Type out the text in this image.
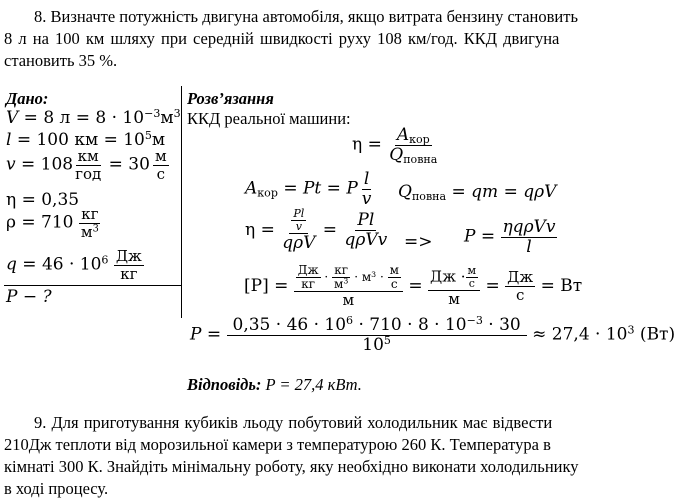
8. Визначте потужність двигуна автомобіля, якщо витрата бензину становить
8 л на 100 км шляху при середній швидкості руху 108 км/год. ККД двигуна
становить 35 %.
Дано:
V = 8 $л = 8 \cdot 10^{-3}м^3$
l = 100 км = $10^5м$
$v = 108 \frac{км}{\text{год}} = 30 \frac{м}{с}$
η = 0,35
$\rho = 710 \frac{кг}{м^3}$
$q = 46 \cdot 10^6 \frac{Дж}{кг}$
P − ?
Розв’язання
ККД реальної машини:
$\eta = \frac{A_{кор}}{Q_{повна}}$
$A_{кор} = Pt = P \frac{l}{v} Q_{повна}$ = qm = qρV
$\eta = \frac{\frac{Pl}{v}}{\text{qρV}} = \frac{Pl}{\text{qρVv}} => P = \frac{\text{ηqρVv}}{l}$
$[P] = \frac{\frac{Дж}{кг} \cdot \frac{кг}{м^3} \cdot м^3 \cdot \frac{м}{с}}{м} = \frac{Дж \cdot \frac{м}{с}}{м} = \frac{Дж}{с}$ = Вт
$P = \frac{0,35 \cdot 46 \cdot 10^6 \cdot 710 \cdot 8 \cdot 10^{-3} \cdot 30}{10^5} \approx 27,4 \cdot 10^3$ (Вт)
Відповідь: P = 27,4 кВт.
9. Для приготування кубиків льоду побутовий холодильник має відвести
210Дж теплоти від морозильної камери з температурою 260 К. Температура в
кімнаті 300 К. Знайдіть мінімальну роботу, яку необхідно виконати холодильнику
в ході процесу.
